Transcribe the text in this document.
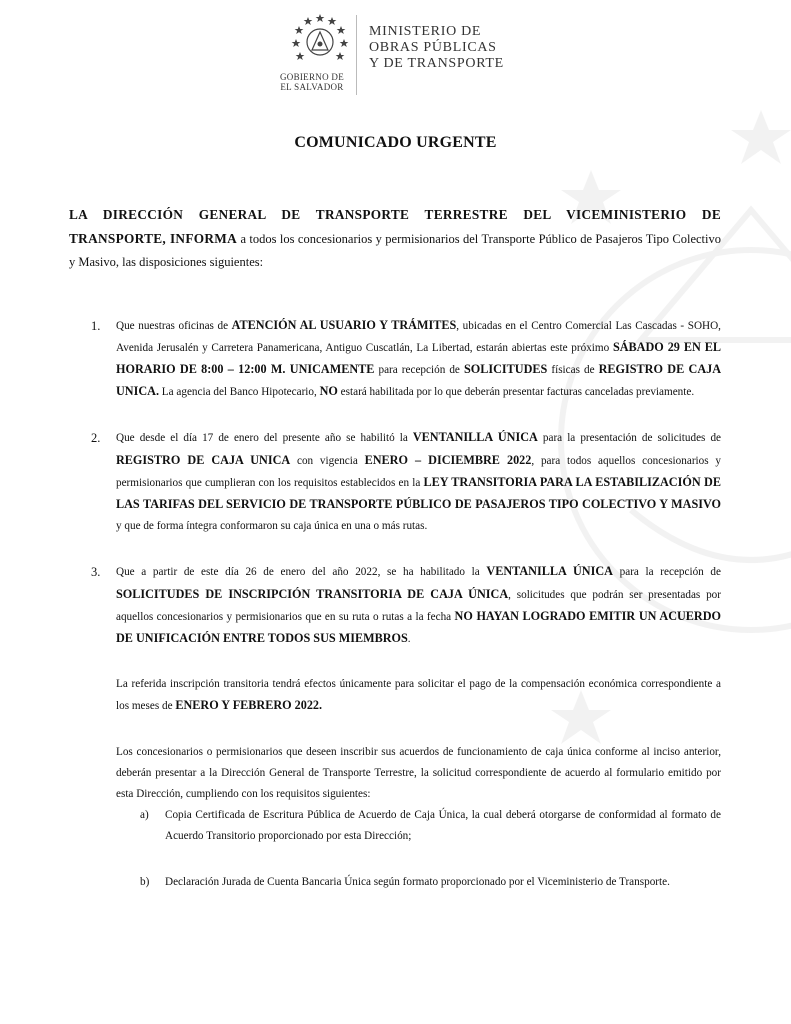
GOBIERNO DE
EL SALVADOR
MINISTERIO DE
OBRAS PÚBLICAS
Y DE TRANSPORTE
COMUNICADO URGENTE

LA DIRECCIÓN GENERAL DE TRANSPORTE TERRESTRE DEL VICEMINISTERIO DE TRANSPORTE, INFORMA a todos los concesionarios y permisionarios del Transporte Público de Pasajeros Tipo Colectivo y Masivo, las disposiciones siguientes:

1. Que nuestras oficinas de ATENCIÓN AL USUARIO Y TRÁMITES, ubicadas en el Centro Comercial Las Cascadas - SOHO, Avenida Jerusalén y Carretera Panamericana, Antiguo Cuscatlán, La Libertad, estarán abiertas este próximo SÁBADO 29 EN EL HORARIO DE 8:00 – 12:00 M. UNICAMENTE para recepción de SOLICITUDES físicas de REGISTRO DE CAJA UNICA. La agencia del Banco Hipotecario, NO estará habilitada por lo que deberán presentar facturas canceladas previamente.
2. Que desde el día 17 de enero del presente año se habilitó la VENTANILLA ÚNICA para la presentación de solicitudes de REGISTRO DE CAJA UNICA con vigencia ENERO – DICIEMBRE 2022, para todos aquellos concesionarios y permisionarios que cumplieran con los requisitos establecidos en la LEY TRANSITORIA PARA LA ESTABILIZACIÓN DE LAS TARIFAS DEL SERVICIO DE TRANSPORTE PÚBLICO DE PASAJEROS TIPO COLECTIVO Y MASIVO y que de forma íntegra conformaron su caja única en una o más rutas.
3. Que a partir de este día 26 de enero del año 2022, se ha habilitado la VENTANILLA ÚNICA para la recepción de SOLICITUDES DE INSCRIPCIÓN TRANSITORIA DE CAJA ÚNICA, solicitudes que podrán ser presentadas por aquellos concesionarios y permisionarios que en su ruta o rutas a la fecha NO HAYAN LOGRADO EMITIR UN ACUERDO DE UNIFICACIÓN ENTRE TODOS SUS MIEMBROS.

La referida inscripción transitoria tendrá efectos únicamente para solicitar el pago de la compensación económica correspondiente a los meses de ENERO Y FEBRERO 2022.

Los concesionarios o permisionarios que deseen inscribir sus acuerdos de funcionamiento de caja única conforme al inciso anterior, deberán presentar a la Dirección General de Transporte Terrestre, la solicitud correspondiente de acuerdo al formulario emitido por esta Dirección, cumpliendo con los requisitos siguientes:

a) Copia Certificada de Escritura Pública de Acuerdo de Caja Única, la cual deberá otorgarse de conformidad al formato de Acuerdo Transitorio proporcionado por esta Dirección;
b) Declaración Jurada de Cuenta Bancaria Única según formato proporcionado por el Viceministerio de Transporte.
